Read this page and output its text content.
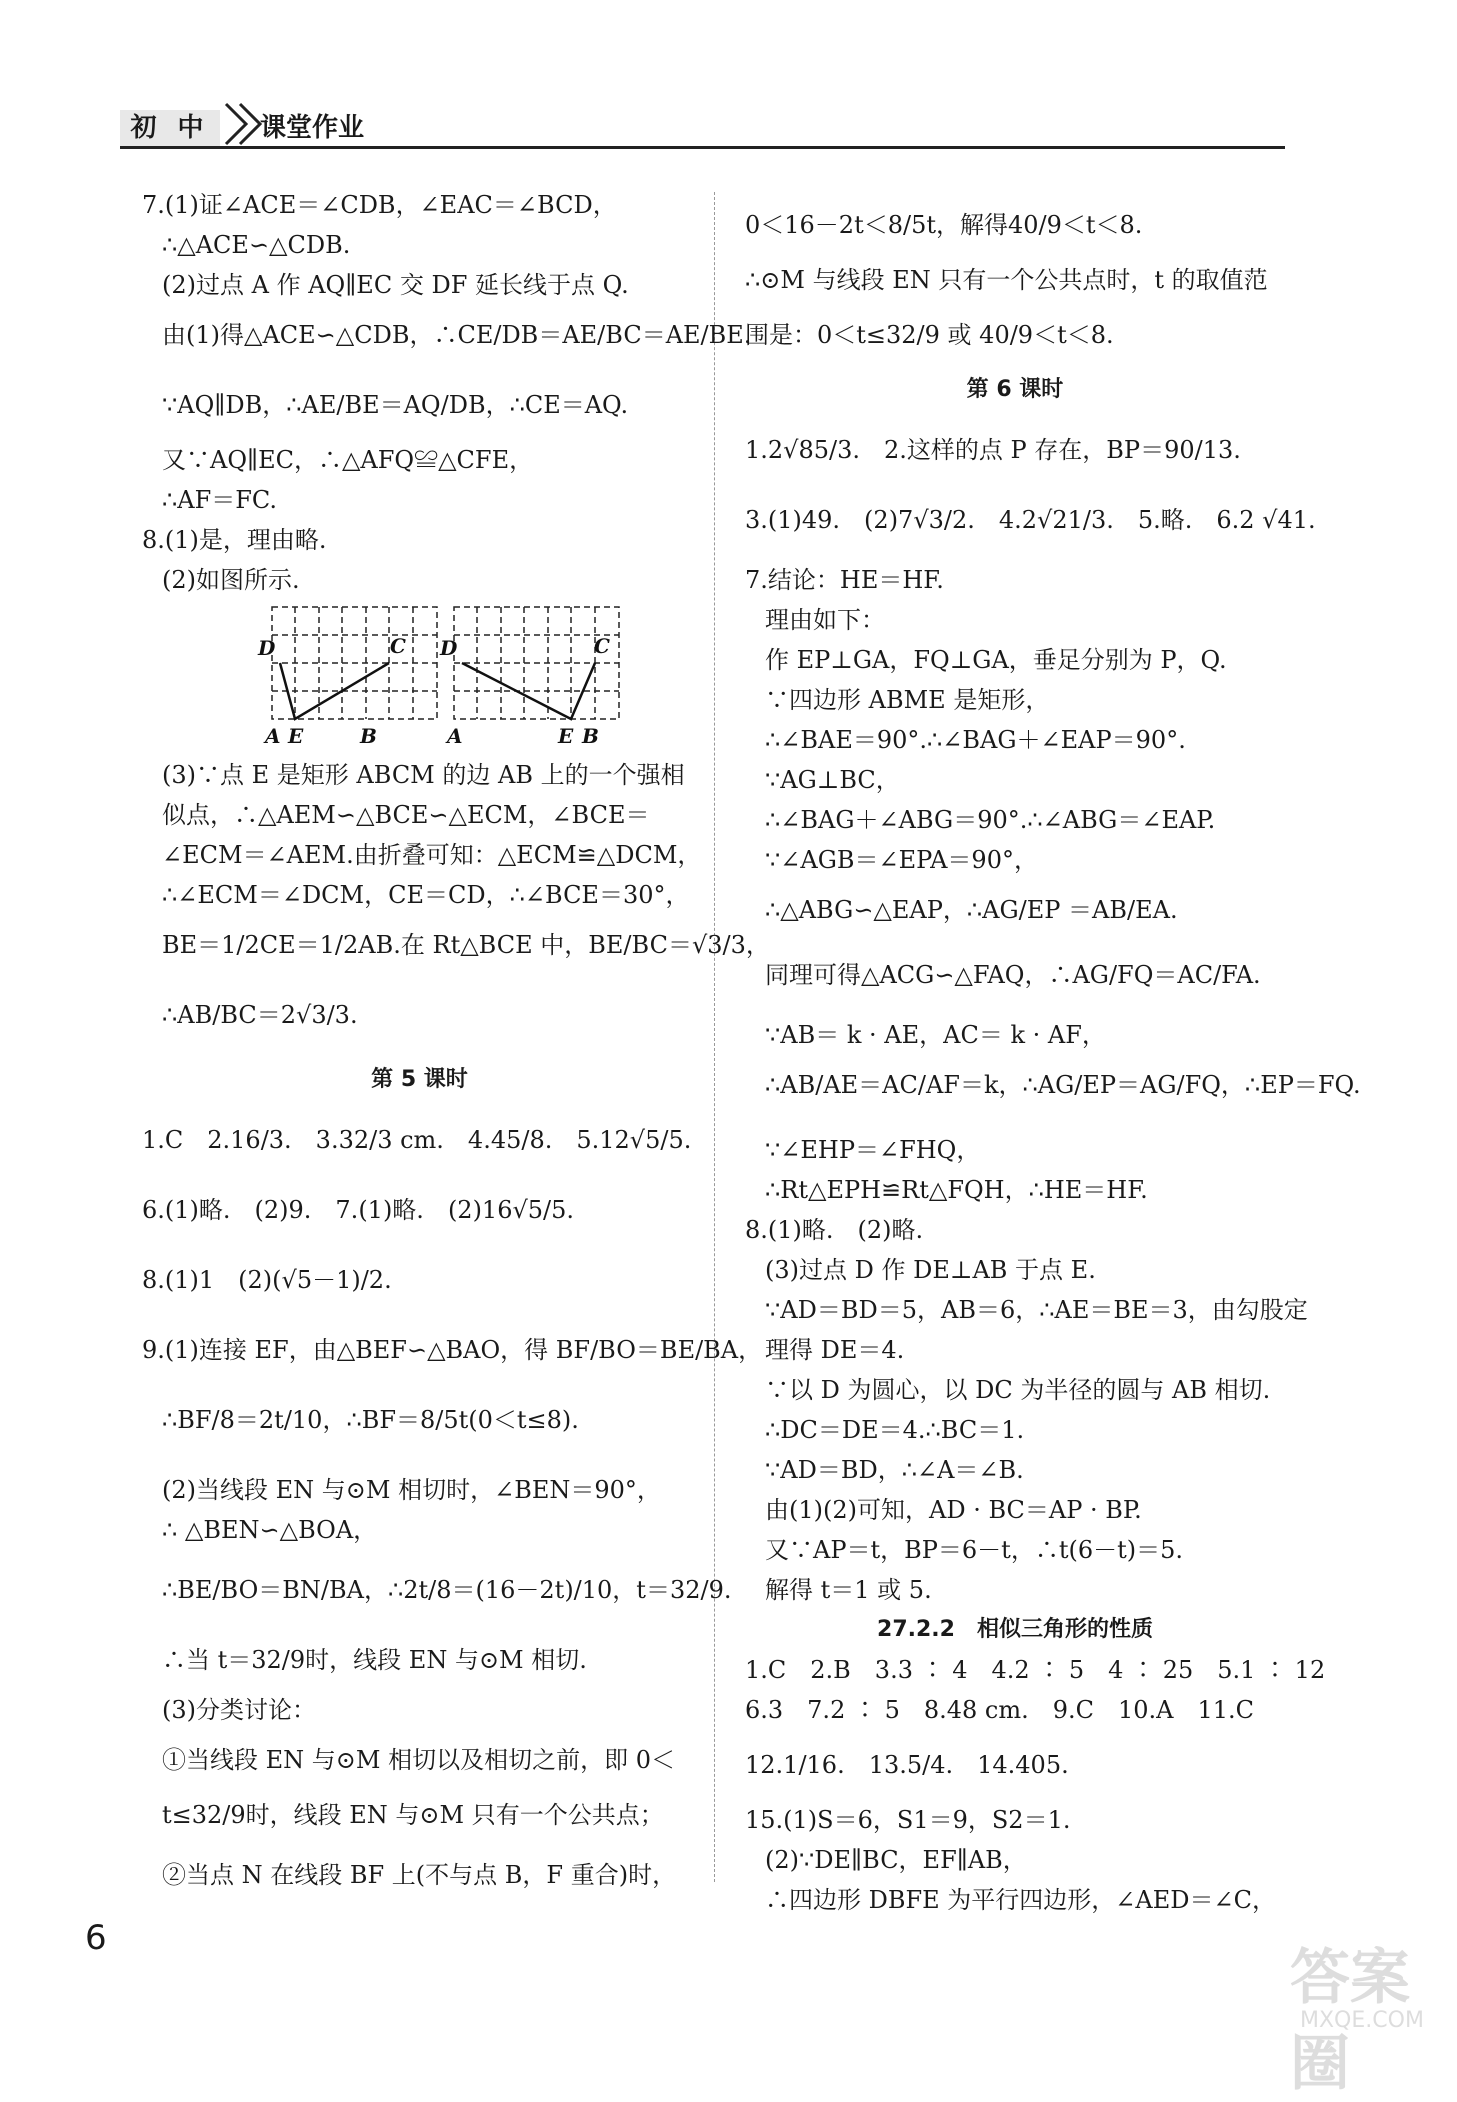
初 中	课堂作业
7.(1)证∠ACE＝∠CDB，∠EAC＝∠BCD，
∴△ACE∽△CDB.
(2)过点 A 作 AQ∥EC 交 DF 延长线于点 Q.
由(1)得△ACE∽△CDB，∴CE/DB＝AE/BC＝AE/BE.
∵AQ∥DB，∴AE/BE＝AQ/DB，∴CE＝AQ.
又∵AQ∥EC，∴△AFQ≌△CFE，
∴AF＝FC.
8.(1)是，理由略.
(2)如图所示.
D	C
A E	B
D	C
A	E B
(3)∵点 E 是矩形 ABCM 的边 AB 上的一个强相
似点，∴△AEM∽△BCE∽△ECM，∠BCE＝
∠ECM＝∠AEM.由折叠可知：△ECM≌△DCM，
∴∠ECM＝∠DCM，CE＝CD，∴∠BCE＝30°，
BE＝1/2CE＝1/2AB.在 Rt△BCE 中，BE/BC＝√3/3，
∴AB/BC＝2√3/3.
第 5 课时
1.C　2.16/3.　3.32/3 cm.　4.45/8.　5.12√5/5.
6.(1)略.　(2)9.　7.(1)略.　(2)16√5/5.
8.(1)1　(2)(√5－1)/2.
9.(1)连接 EF，由△BEF∽△BAO，得 BF/BO＝BE/BA，
∴BF/8＝2t/10，∴BF＝8/5t(0＜t≤8).
(2)当线段 EN 与⊙M 相切时，∠BEN＝90°，
∴ △BEN∽△BOA，
∴BE/BO＝BN/BA，∴2t/8＝(16－2t)/10，t＝32/9.
∴当 t＝32/9时，线段 EN 与⊙M 相切.
(3)分类讨论：
①当线段 EN 与⊙M 相切以及相切之前，即 0＜
t≤32/9时，线段 EN 与⊙M 只有一个公共点；
②当点 N 在线段 BF 上(不与点 B，F 重合)时，
0＜16－2t＜8/5t，解得40/9＜t＜8.
∴⊙M 与线段 EN 只有一个公共点时，t 的取值范
围是：0＜t≤32/9 或 40/9＜t＜8.
第 6 课时
1.2√85/3.　2.这样的点 P 存在，BP＝90/13.
3.(1)49.　(2)7√3/2.　4.2√21/3.　5.略.　6.2 √41.
7.结论：HE＝HF.
理由如下：
作 EP⊥GA，FQ⊥GA，垂足分别为 P，Q.
∵四边形 ABME 是矩形，
∴∠BAE＝90°.∴∠BAG＋∠EAP＝90°.
∵AG⊥BC，
∴∠BAG＋∠ABG＝90°.∴∠ABG＝∠EAP.
∵∠AGB＝∠EPA＝90°，
∴△ABG∽△EAP，∴AG/EP ＝AB/EA.
同理可得△ACG∽△FAQ，∴AG/FQ＝AC/FA.
∵AB＝ k · AE，AC＝ k · AF，
∴AB/AE＝AC/AF＝k，∴AG/EP＝AG/FQ，∴EP＝FQ.
∵∠EHP＝∠FHQ，
∴Rt△EPH≌Rt△FQH，∴HE＝HF.
8.(1)略.　(2)略.
(3)过点 D 作 DE⊥AB 于点 E.
∵AD＝BD＝5，AB＝6，∴AE＝BE＝3，由勾股定
理得 DE＝4.
∵以 D 为圆心，以 DC 为半径的圆与 AB 相切.
∴DC＝DE＝4.∴BC＝1.
∵AD＝BD，∴∠A＝∠B.
由(1)(2)可知，AD · BC＝AP · BP.
又∵AP＝t，BP＝6－t，∴t(6－t)＝5.
解得 t＝1 或 5.
27.2.2　相似三角形的性质
1.C　2.B　3.3 ∶ 4　4.2 ∶ 5　4 ∶ 25　5.1 ∶ 12
6.3　7.2 ∶ 5　8.48 cm.　9.C　10.A　11.C
12.1/16.　13.5/4.　14.405.
15.(1)S＝6，S1＝9，S2＝1.
(2)∵DE∥BC，EF∥AB，
∴四边形 DBFE 为平行四边形，∠AED＝∠C，
6
答案圈
MXQE.COM
